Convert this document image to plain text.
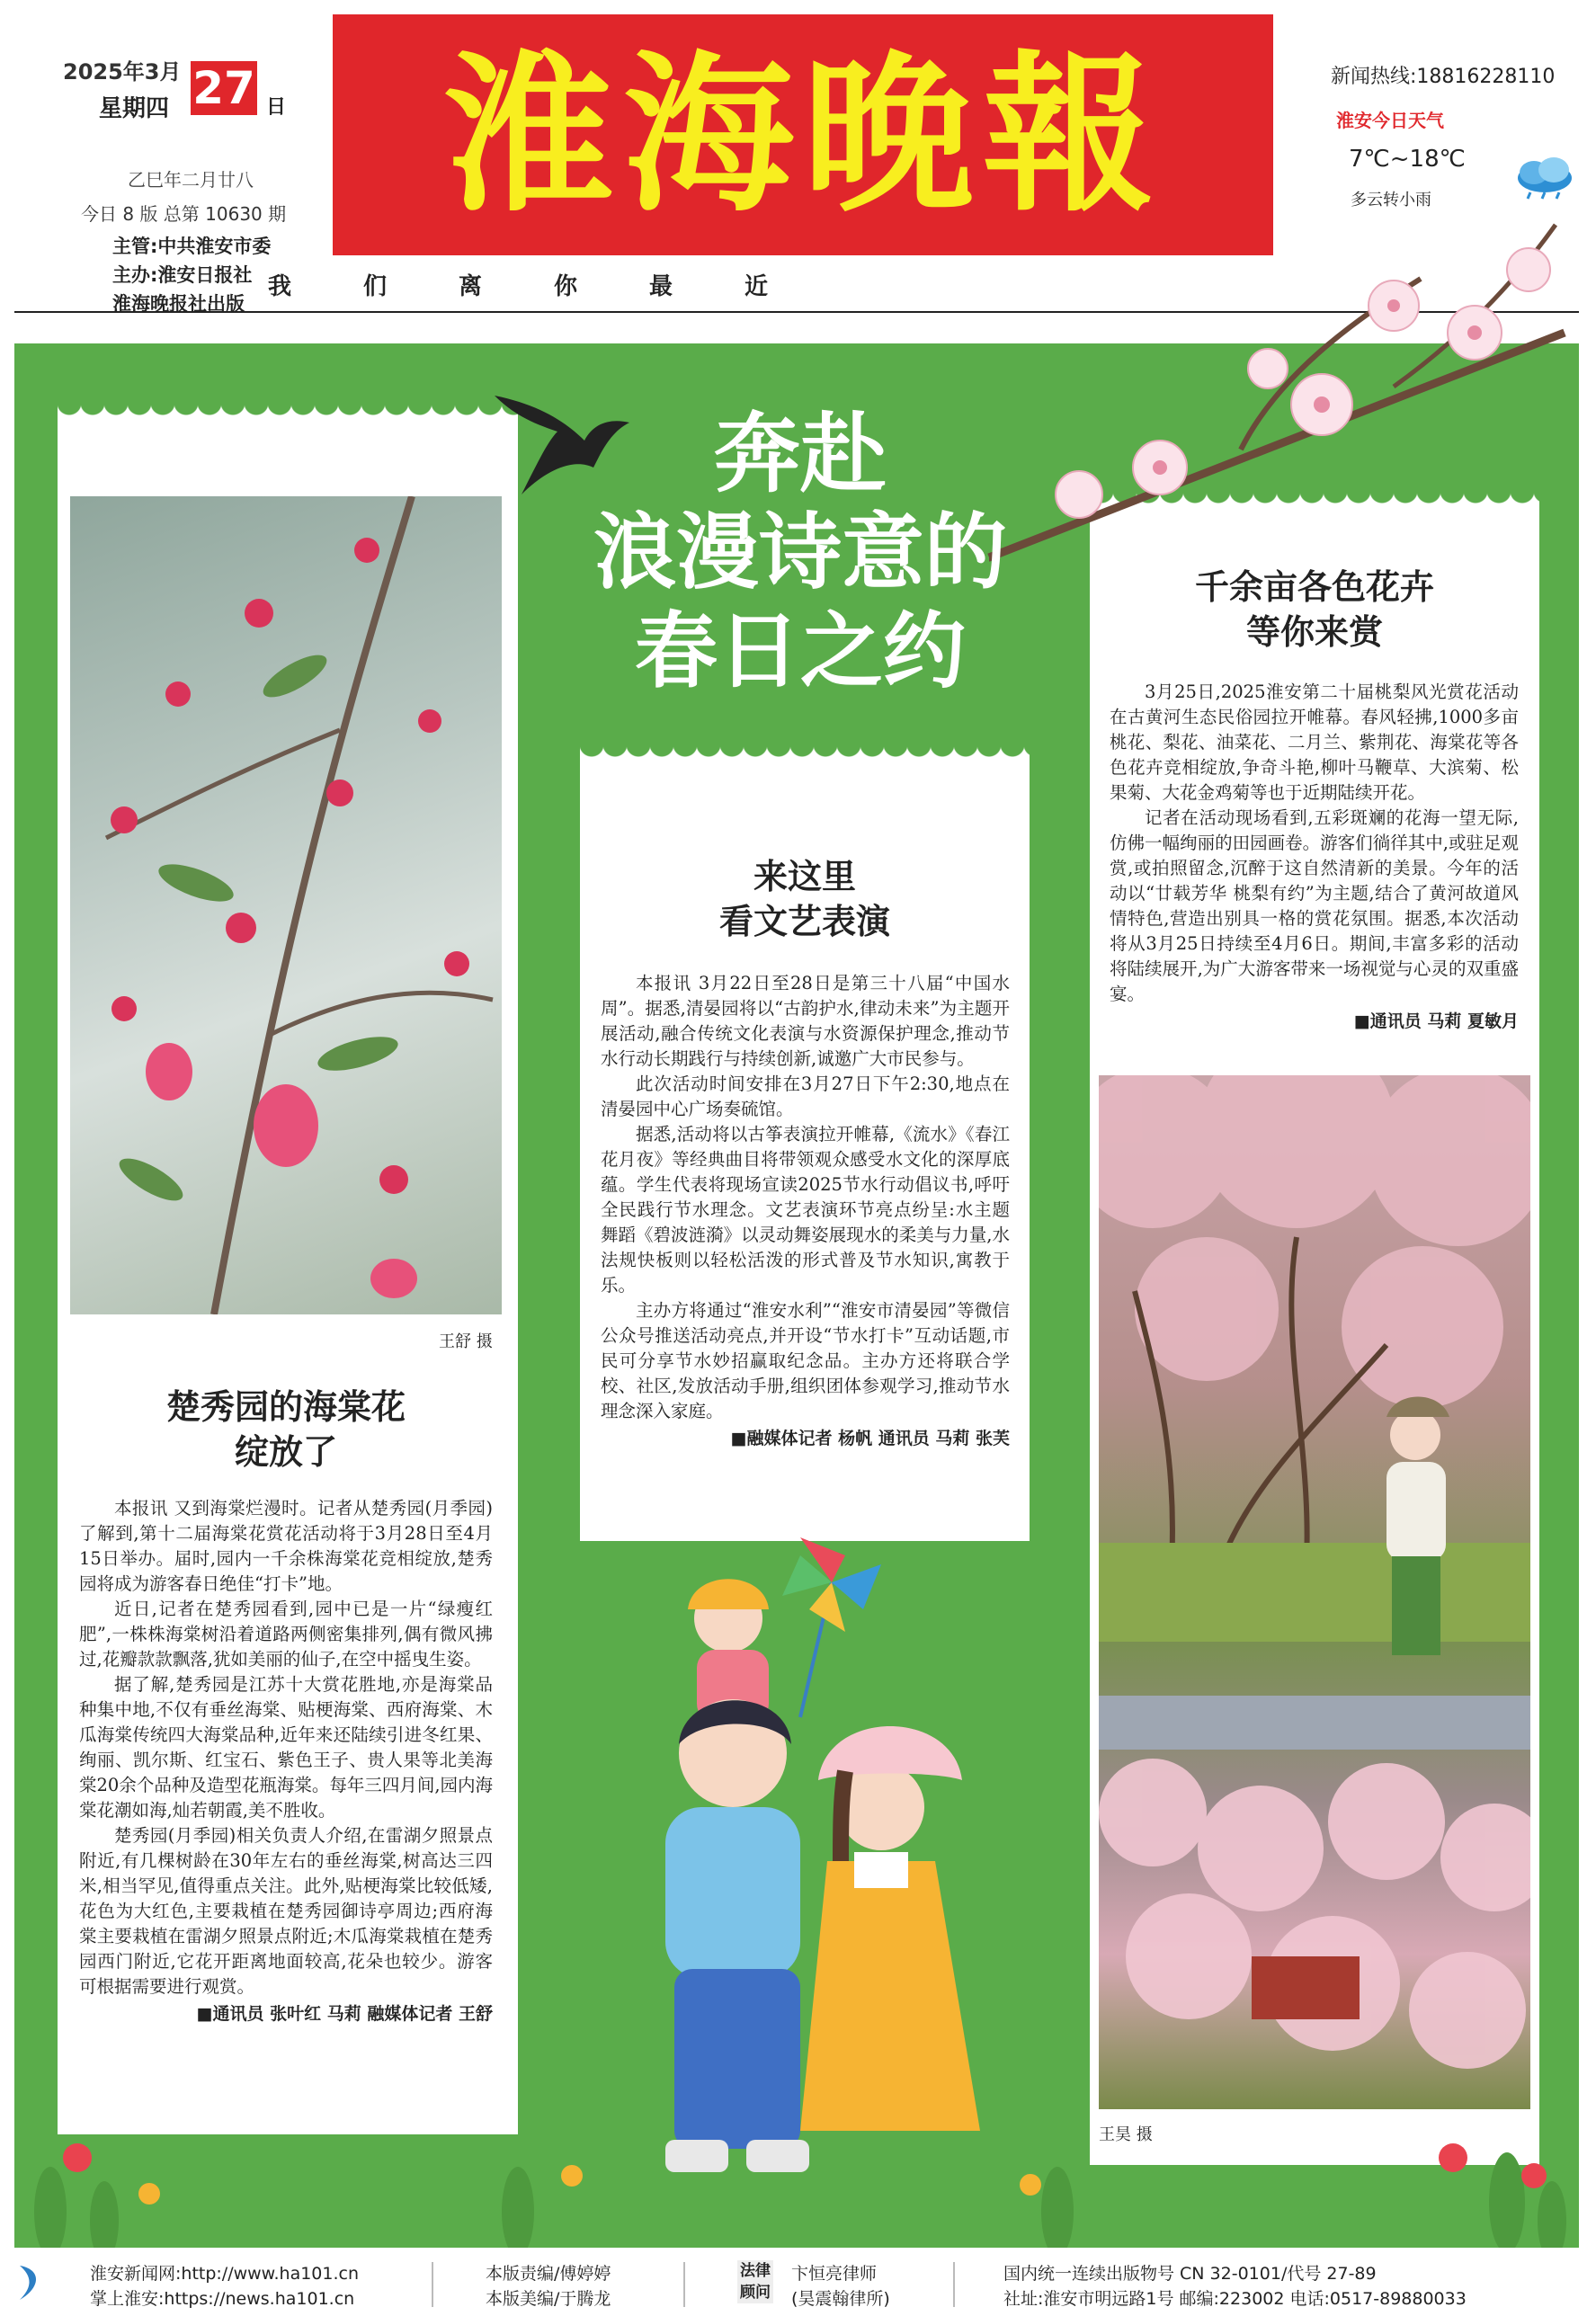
2025年3月 27 日
星期四
乙巳年二月廿八
今日 8 版 总第 10630 期
主管:中共淮安市委
主办:淮安日报社
淮海晚报社出版
淮海晚報	新闻热线:18816228110
淮安今日天气
7℃~18℃
多云转小雨
我们离你最近
奔赴
浪漫诗意的
春日之约
王舒 摄
楚秀园的海棠花
绽放了

本报讯 又到海棠烂漫时。记者从楚秀园(月季园)了解到,第十二届海棠花赏花活动将于3月28日至4月15日举办。届时,园内一千余株海棠花竞相绽放,楚秀园将成为游客春日绝佳“打卡”地。

近日,记者在楚秀园看到,园中已是一片“绿瘦红肥”,一株株海棠树沿着道路两侧密集排列,偶有微风拂过,花瓣款款飘落,犹如美丽的仙子,在空中摇曳生姿。

据了解,楚秀园是江苏十大赏花胜地,亦是海棠品种集中地,不仅有垂丝海棠、贴梗海棠、西府海棠、木瓜海棠传统四大海棠品种,近年来还陆续引进冬红果、绚丽、凯尔斯、红宝石、紫色王子、贵人果等北美海棠20余个品种及造型花瓶海棠。每年三四月间,园内海棠花潮如海,灿若朝霞,美不胜收。

楚秀园(月季园)相关负责人介绍,在雷湖夕照景点附近,有几棵树龄在30年左右的垂丝海棠,树高达三四米,相当罕见,值得重点关注。此外,贴梗海棠比较低矮,花色为大红色,主要栽植在楚秀园御诗亭周边;西府海棠主要栽植在雷湖夕照景点附近;木瓜海棠栽植在楚秀园西门附近,它花开距离地面较高,花朵也较少。游客可根据需要进行观赏。

■通讯员 张叶红 马莉 融媒体记者 王舒
来这里
看文艺表演

本报讯 3月22日至28日是第三十八届“中国水周”。据悉,清晏园将以“古韵护水,律动未来”为主题开展活动,融合传统文化表演与水资源保护理念,推动节水行动长期践行与持续创新,诚邀广大市民参与。

此次活动时间安排在3月27日下午2:30,地点在清晏园中心广场奏硫馆。

据悉,活动将以古筝表演拉开帷幕,《流水》《春江花月夜》等经典曲目将带领观众感受水文化的深厚底蕴。学生代表将现场宣读2025节水行动倡议书,呼吁全民践行节水理念。文艺表演环节亮点纷呈:水主题舞蹈《碧波涟漪》以灵动舞姿展现水的柔美与力量,水法规快板则以轻松活泼的形式普及节水知识,寓教于乐。

主办方将通过“淮安水利”“淮安市清晏园”等微信公众号推送活动亮点,并开设“节水打卡”互动话题,市民可分享节水妙招赢取纪念品。主办方还将联合学校、社区,发放活动手册,组织团体参观学习,推动节水理念深入家庭。

■融媒体记者 杨帆 通讯员 马莉 张芙
千余亩各色花卉
等你来赏

3月25日,2025淮安第二十届桃梨风光赏花活动在古黄河生态民俗园拉开帷幕。春风轻拂,1000多亩桃花、梨花、油菜花、二月兰、紫荆花、海棠花等各色花卉竞相绽放,争奇斗艳,柳叶马鞭草、大滨菊、松果菊、大花金鸡菊等也于近期陆续开花。

记者在活动现场看到,五彩斑斓的花海一望无际,仿佛一幅绚丽的田园画卷。游客们徜徉其中,或驻足观赏,或拍照留念,沉醉于这自然清新的美景。今年的活动以“廿载芳华 桃梨有约”为主题,结合了黄河故道风情特色,营造出别具一格的赏花氛围。据悉,本次活动将从3月25日持续至4月6日。期间,丰富多彩的活动将陆续展开,为广大游客带来一场视觉与心灵的双重盛宴。

■通讯员 马莉 夏敏月
王昊 摄
淮安新闻网:http://www.ha101.cn
掌上淮安:https://news.ha101.cn
本版责编/傅婷婷
本版美编/于腾龙
法律顾问
卞恒亮律师
(昊震翰律所)
国内统一连续出版物号 CN 32-0101/代号 27-89
社址:淮安市明远路1号 邮编:223002 电话:0517-89880033
